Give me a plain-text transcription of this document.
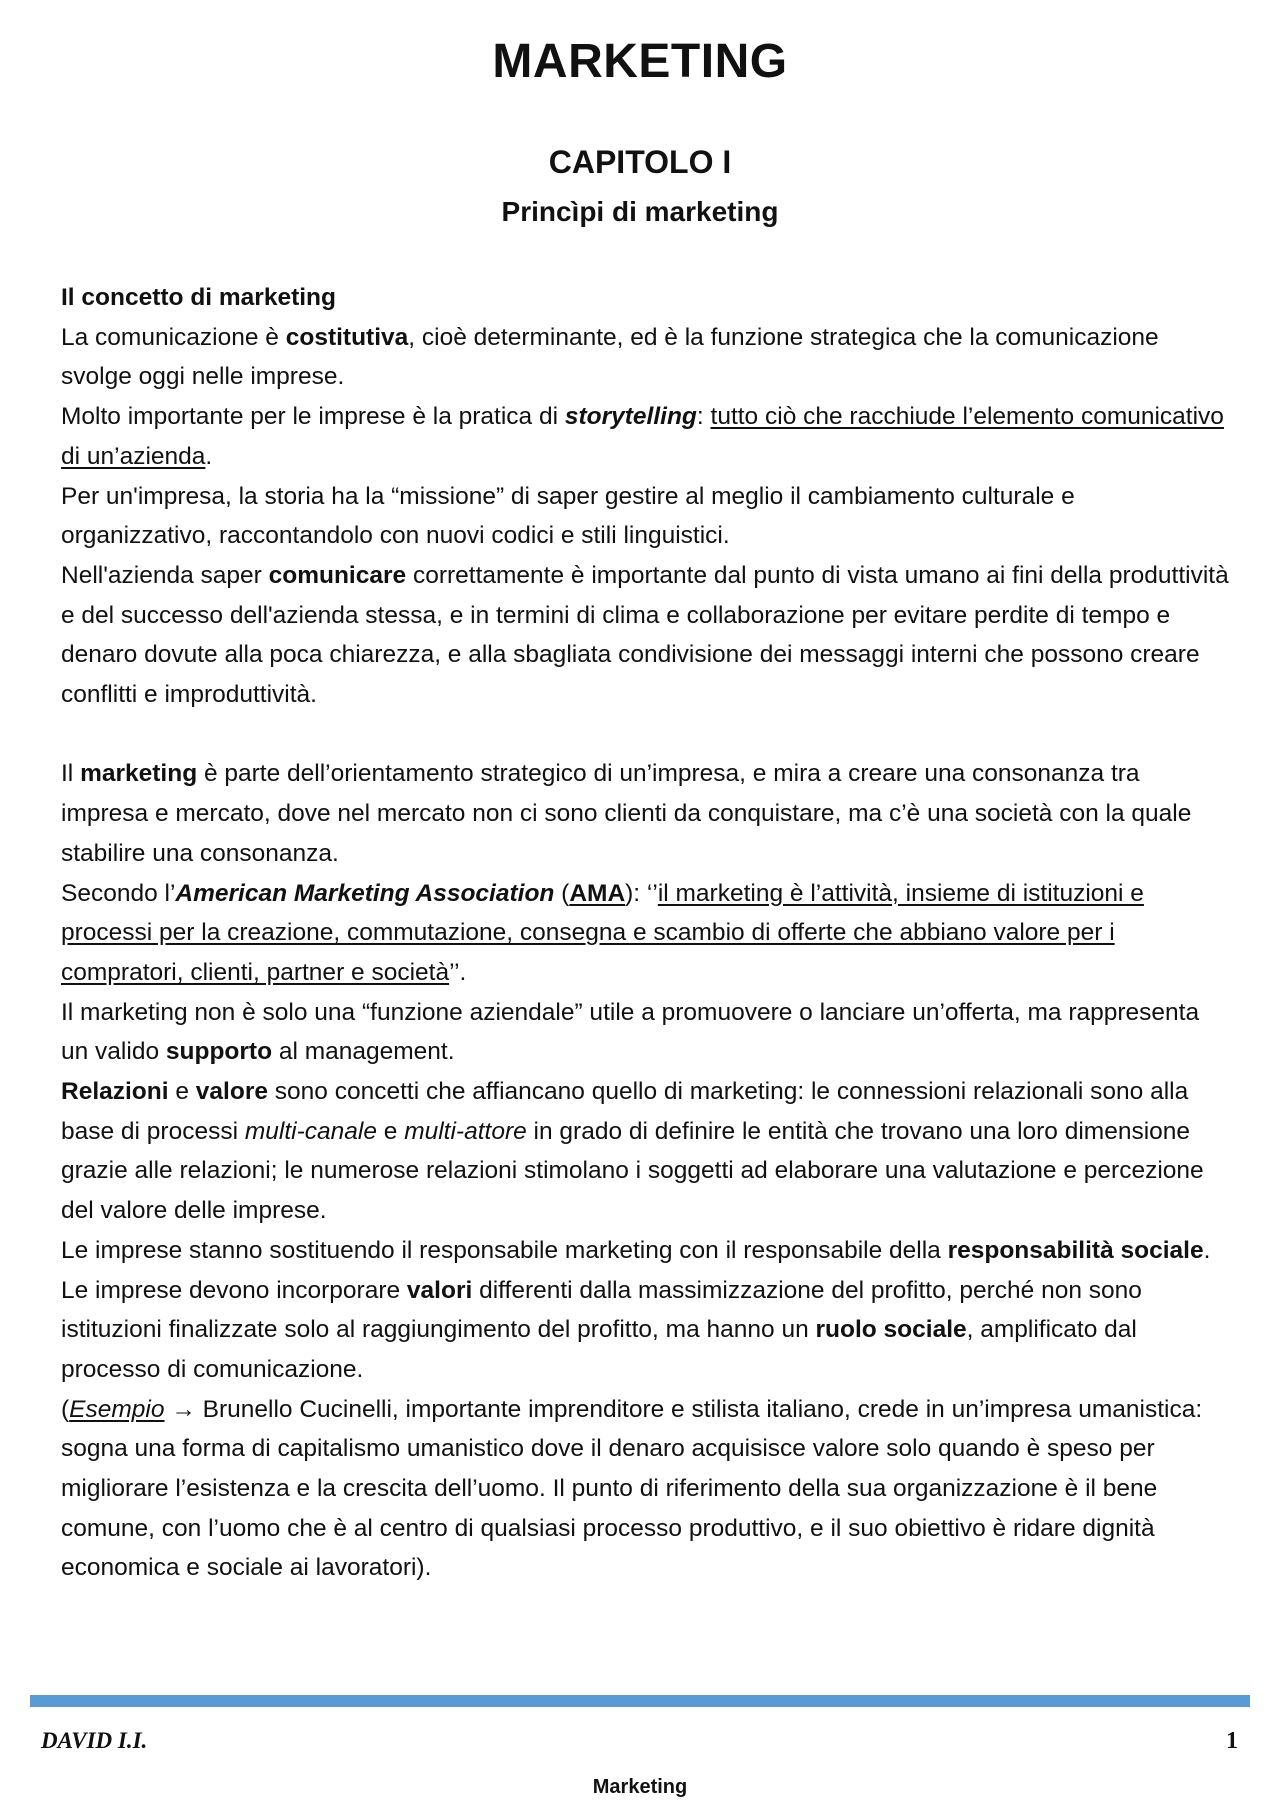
MARKETING
CAPITOLO I
Princìpi di marketing

Il concetto di marketing

La comunicazione è costitutiva, cioè determinante, ed è la funzione strategica che la comunicazione svolge oggi nelle imprese.

Molto importante per le imprese è la pratica di storytelling: tutto ciò che racchiude l’elemento comunicativo di un’azienda.

Per un'impresa, la storia ha la “missione” di saper gestire al meglio il cambiamento culturale e organizzativo, raccontandolo con nuovi codici e stili linguistici.

Nell'azienda saper comunicare correttamente è importante dal punto di vista umano ai fini della produttività e del successo dell'azienda stessa, e in termini di clima e collaborazione per evitare perdite di tempo e denaro dovute alla poca chiarezza, e alla sbagliata condivisione dei messaggi interni che possono creare conflitti e improduttività.

Il marketing è parte dell’orientamento strategico di un’impresa, e mira a creare una consonanza tra impresa e mercato, dove nel mercato non ci sono clienti da conquistare, ma c’è una società con la quale stabilire una consonanza.

Secondo l’American Marketing Association (AMA): ‘’il marketing è l’attività, insieme di istituzioni e processi per la creazione, commutazione, consegna e scambio di offerte che abbiano valore per i compratori, clienti, partner e società’’.

Il marketing non è solo una “funzione aziendale” utile a promuovere o lanciare un’offerta, ma rappresenta un valido supporto al management.

Relazioni e valore sono concetti che affiancano quello di marketing: le connessioni relazionali sono alla base di processi multi-canale e multi-attore in grado di definire le entità che trovano una loro dimensione grazie alle relazioni; le numerose relazioni stimolano i soggetti ad elaborare una valutazione e percezione del valore delle imprese.

Le imprese stanno sostituendo il responsabile marketing con il responsabile della responsabilità sociale.

Le imprese devono incorporare valori differenti dalla massimizzazione del profitto, perché non sono istituzioni finalizzate solo al raggiungimento del profitto, ma hanno un ruolo sociale, amplificato dal processo di comunicazione.

(Esempio → Brunello Cucinelli, importante imprenditore e stilista italiano, crede in un’impresa umanistica: sogna una forma di capitalismo umanistico dove il denaro acquisisce valore solo quando è speso per migliorare l’esistenza e la crescita dell’uomo. Il punto di riferimento della sua organizzazione è il bene comune, con l’uomo che è al centro di qualsiasi processo produttivo, e il suo obiettivo è ridare dignità economica e sociale ai lavoratori).

DAVID I.I.	1
Marketing
